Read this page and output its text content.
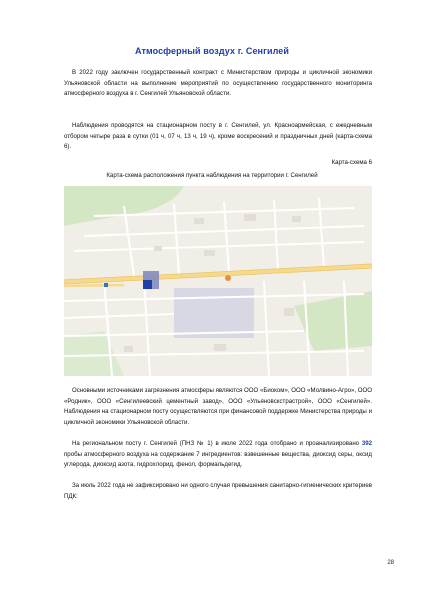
Атмосферный воздух г. Сенгилей

В 2022 году заключен государственный контракт с Министерством природы и цикличной экономики Ульяновской области на выполнение мероприятий по осуществлению государственного мониторинга атмосферного воздуха в г. Сенгилей Ульяновской области.

Наблюдения проводятся на стационарном посту в г. Сенгилей, ул. Красноармейская, с ежедневным отбором четыре раза в сутки (01 ч, 07 ч, 13 ч, 19 ч), кроме воскресений и праздничных дней (карта-схема 6).

Карта-схема 6
Карта-схема расположения пункта наблюдения на территории г. Сенгилей

Основными источниками загрязнения атмосферы являются ООО «Биоком», ООО «Молвино-Агро», ООО «Родник», ООО «Сенгилеевский цементный завод», ООО «Ульяновскстрастрой», ООО «Сенгилей». Наблюдения на стационарном посту осуществляются при финансовой поддержке Министерства природы и цикличной экономики Ульяновской области.

На региональном посту г. Сенгилей (ПНЗ № 1) в июле 2022 года отобрано и проанализировано 392 пробы атмосферного воздуха на содержание 7 ингредиентов: взвешенные вещества, диоксид серы, оксид углерода, диоксид азота, гидрохлорид, фенол, формальдегид.

За июль 2022 года не зафиксировано ни одного случая превышения санитарно-гигиенических критериев ПДК:

28
